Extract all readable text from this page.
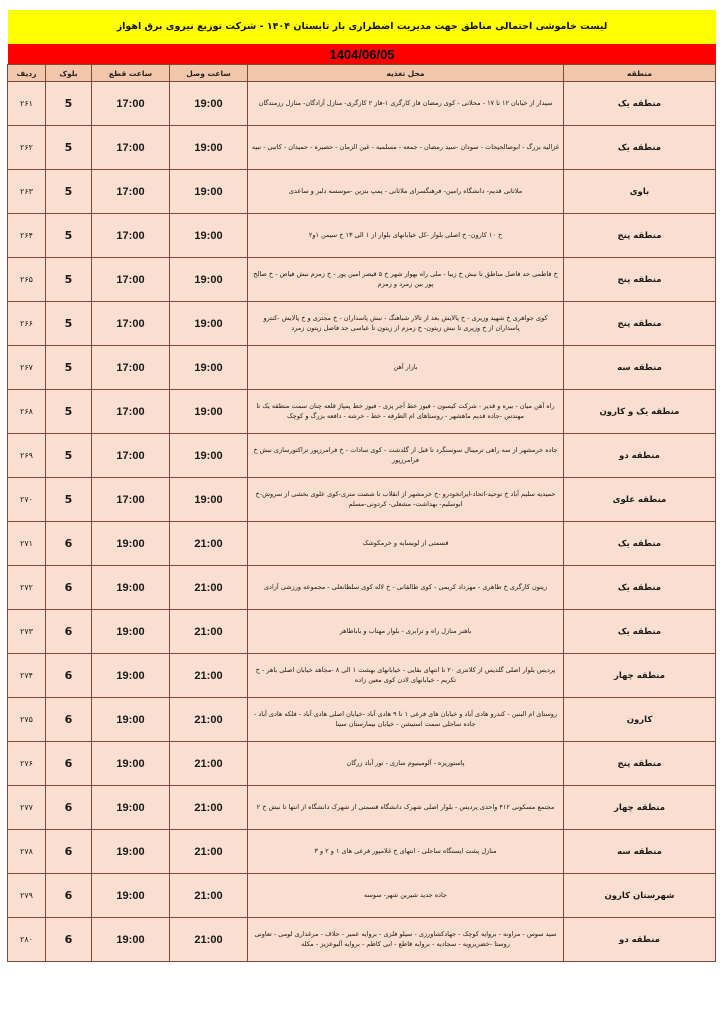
لیست خاموشی احتمالی مناطق جهت مدیریت اضطراری بار تابستان ۱۴۰۴ - شرکت توزیع نیروی برق اهواز
1404/06/05
منطقه	محل تغذیه	ساعت وصل	ساعت قطع	بلوک	ردیف
منطقه یک	سیدار از خیابان ۱۲ تا ۱۷ - محلاتی - کوی رمضان فاز کارگری ۱-فاز ۲ کارگری- منازل آزادگان- منازل رزمندگان	19:00	17:00	5	۲۶۱
منطقه یک	غزالیه بزرگ - ابوصالحیجات - سودان -سید رمضان - جمعه - مسلمیه - غین الزمان - حصیره - حمیدان - کاتبی - نبیه	19:00	17:00	5	۲۶۲
باوی	ملاثانی قدیم- دانشگاه رامین- فرهنگسرای ملاثانی - پمپ بنزین -موسسه دلبر و ساعدی	19:00	17:00	5	۲۶۳
منطقه پنج	خ ۱۰ کارون- خ اصلی بلوار -کل خیابانهای بلوار از ۱ الی ۱۳ خ سیمن ۱و۲	19:00	17:00	5	۲۶۴
منطقه پنج	خ فاطمی حد فاصل مناطق تا نبش خ زیبا - ملی راه بهواز شهر خ ۵ قیصر امین پور - خ زمزم نبش فیاض - خ صالح پور بین زمرد و زمزم	19:00	17:00	5	۲۶۵
منطقه پنج	کوی جواهری خ شهید وزیری - خ پالایش بعد از تالار شباهنگ - نبش پاسداران - خ مجتزی و خ پالایش -کنترو پاسداران از خ وزیری تا نبش زیتون- خ زمزم از زیتون تا عباسی حد فاصل زیتون زمرد	19:00	17:00	5	۲۶۶
منطقه سه	بازار آهن	19:00	17:00	5	۲۶۷
منطقه یک و کارون	راه آهن میان - بیره و قدیر - شرکت کیسون - فیوز خط آجر پزی - فیوز خط پمپاژ قلعه چنان سمت منطقه یک تا مهندس -جاده قدیم ماهشهر - روستاهای ام الطرفه - خط - خرشه - دافعه بزرگ و کوچک	19:00	17:00	5	۲۶۸
منطقه دو	جاده خرمشهر از سه راهی ترمینال سوسنگرد تا قبل از گلدشت - کوی سادات - خ فرامرزپور تراکتورسازی نبش خ فرامرزپور	19:00	17:00	5	۲۶۹
منطقه علوی	حمیدیه سلیم آباد خ توحید-اتحاد-ایرانخودرو -خ خرمشهر از انقلاب تا شصت متری-کوی علوی بخشی از سروش-خ ابوسلیم- بهداشت- مشعلی- کردونی-مسلم	19:00	17:00	5	۲۷۰
منطقه یک	قسمتی از لویسایه و خرمکوشک	21:00	19:00	6	۲۷۱
منطقه یک	زیتون کارگری خ طاهری - مهرداد کریمی - کوی طالقانی - خ لاله کوی سلطانعلی - مجموعه ورزشی آزادی	21:00	19:00	6	۲۷۲
منطقه یک	باهنر منازل راه و ترابری - بلوار مهتاب و باباطاهر	21:00	19:00	6	۲۷۳
منطقه چهار	پردیس بلوار اصلی گلدیس از کلانتری ۲۰ تا انتهای بقایی - خیابانهای بهشت ۱ الی ۸ -مجاهد خیابان اصلی باهر - خ تکریم - خیابانهای لادن کوی معین زاده	21:00	19:00	6	۲۷۴
کارون	روستای ام البنین - کندرو هادی آباد و خیابان های فرعی ۱ تا ۹ هادی آباد -خیابان اصلی هادی آباد - فلکه هادی آباد - جاده ساحلی سمت استیشن - خیابان بیمارستان سینا	21:00	19:00	6	۲۷۵
منطقه پنج	پاستوریزه - آلومینیوم سازی - نور آباد زرگان	21:00	19:00	6	۲۷۶
منطقه چهار	مجتمع مسکونی ۴۱۲ واحدی پردیس - بلوار اصلی شهرک دانشگاه قسمتی از شهرک دانشگاه از انتها تا نبش خ ۲	21:00	19:00	6	۲۷۷
منطقه سه	منازل پشت ایستگاه ساحلی - انتهای خ غلامپور فرعی های ۱ و ۲ و ۳	21:00	19:00	6	۲۷۸
شهرستان کارون	جاده جدید شیرین شهر- سوسه	21:00	19:00	6	۲۷۹
منطقه دو	سید سوس - مراونه - بروایه کوچک - جهادکشاورزی - سیلو فلزی - بروایه عمیر - حلاف - مرغداری لومی - تعاونی روستا -خضریرویه - سجادیه - بروایه قاطع - ابی کاظم - بروایه آلبوعزیز - مکله	21:00	19:00	6	۲۸۰
